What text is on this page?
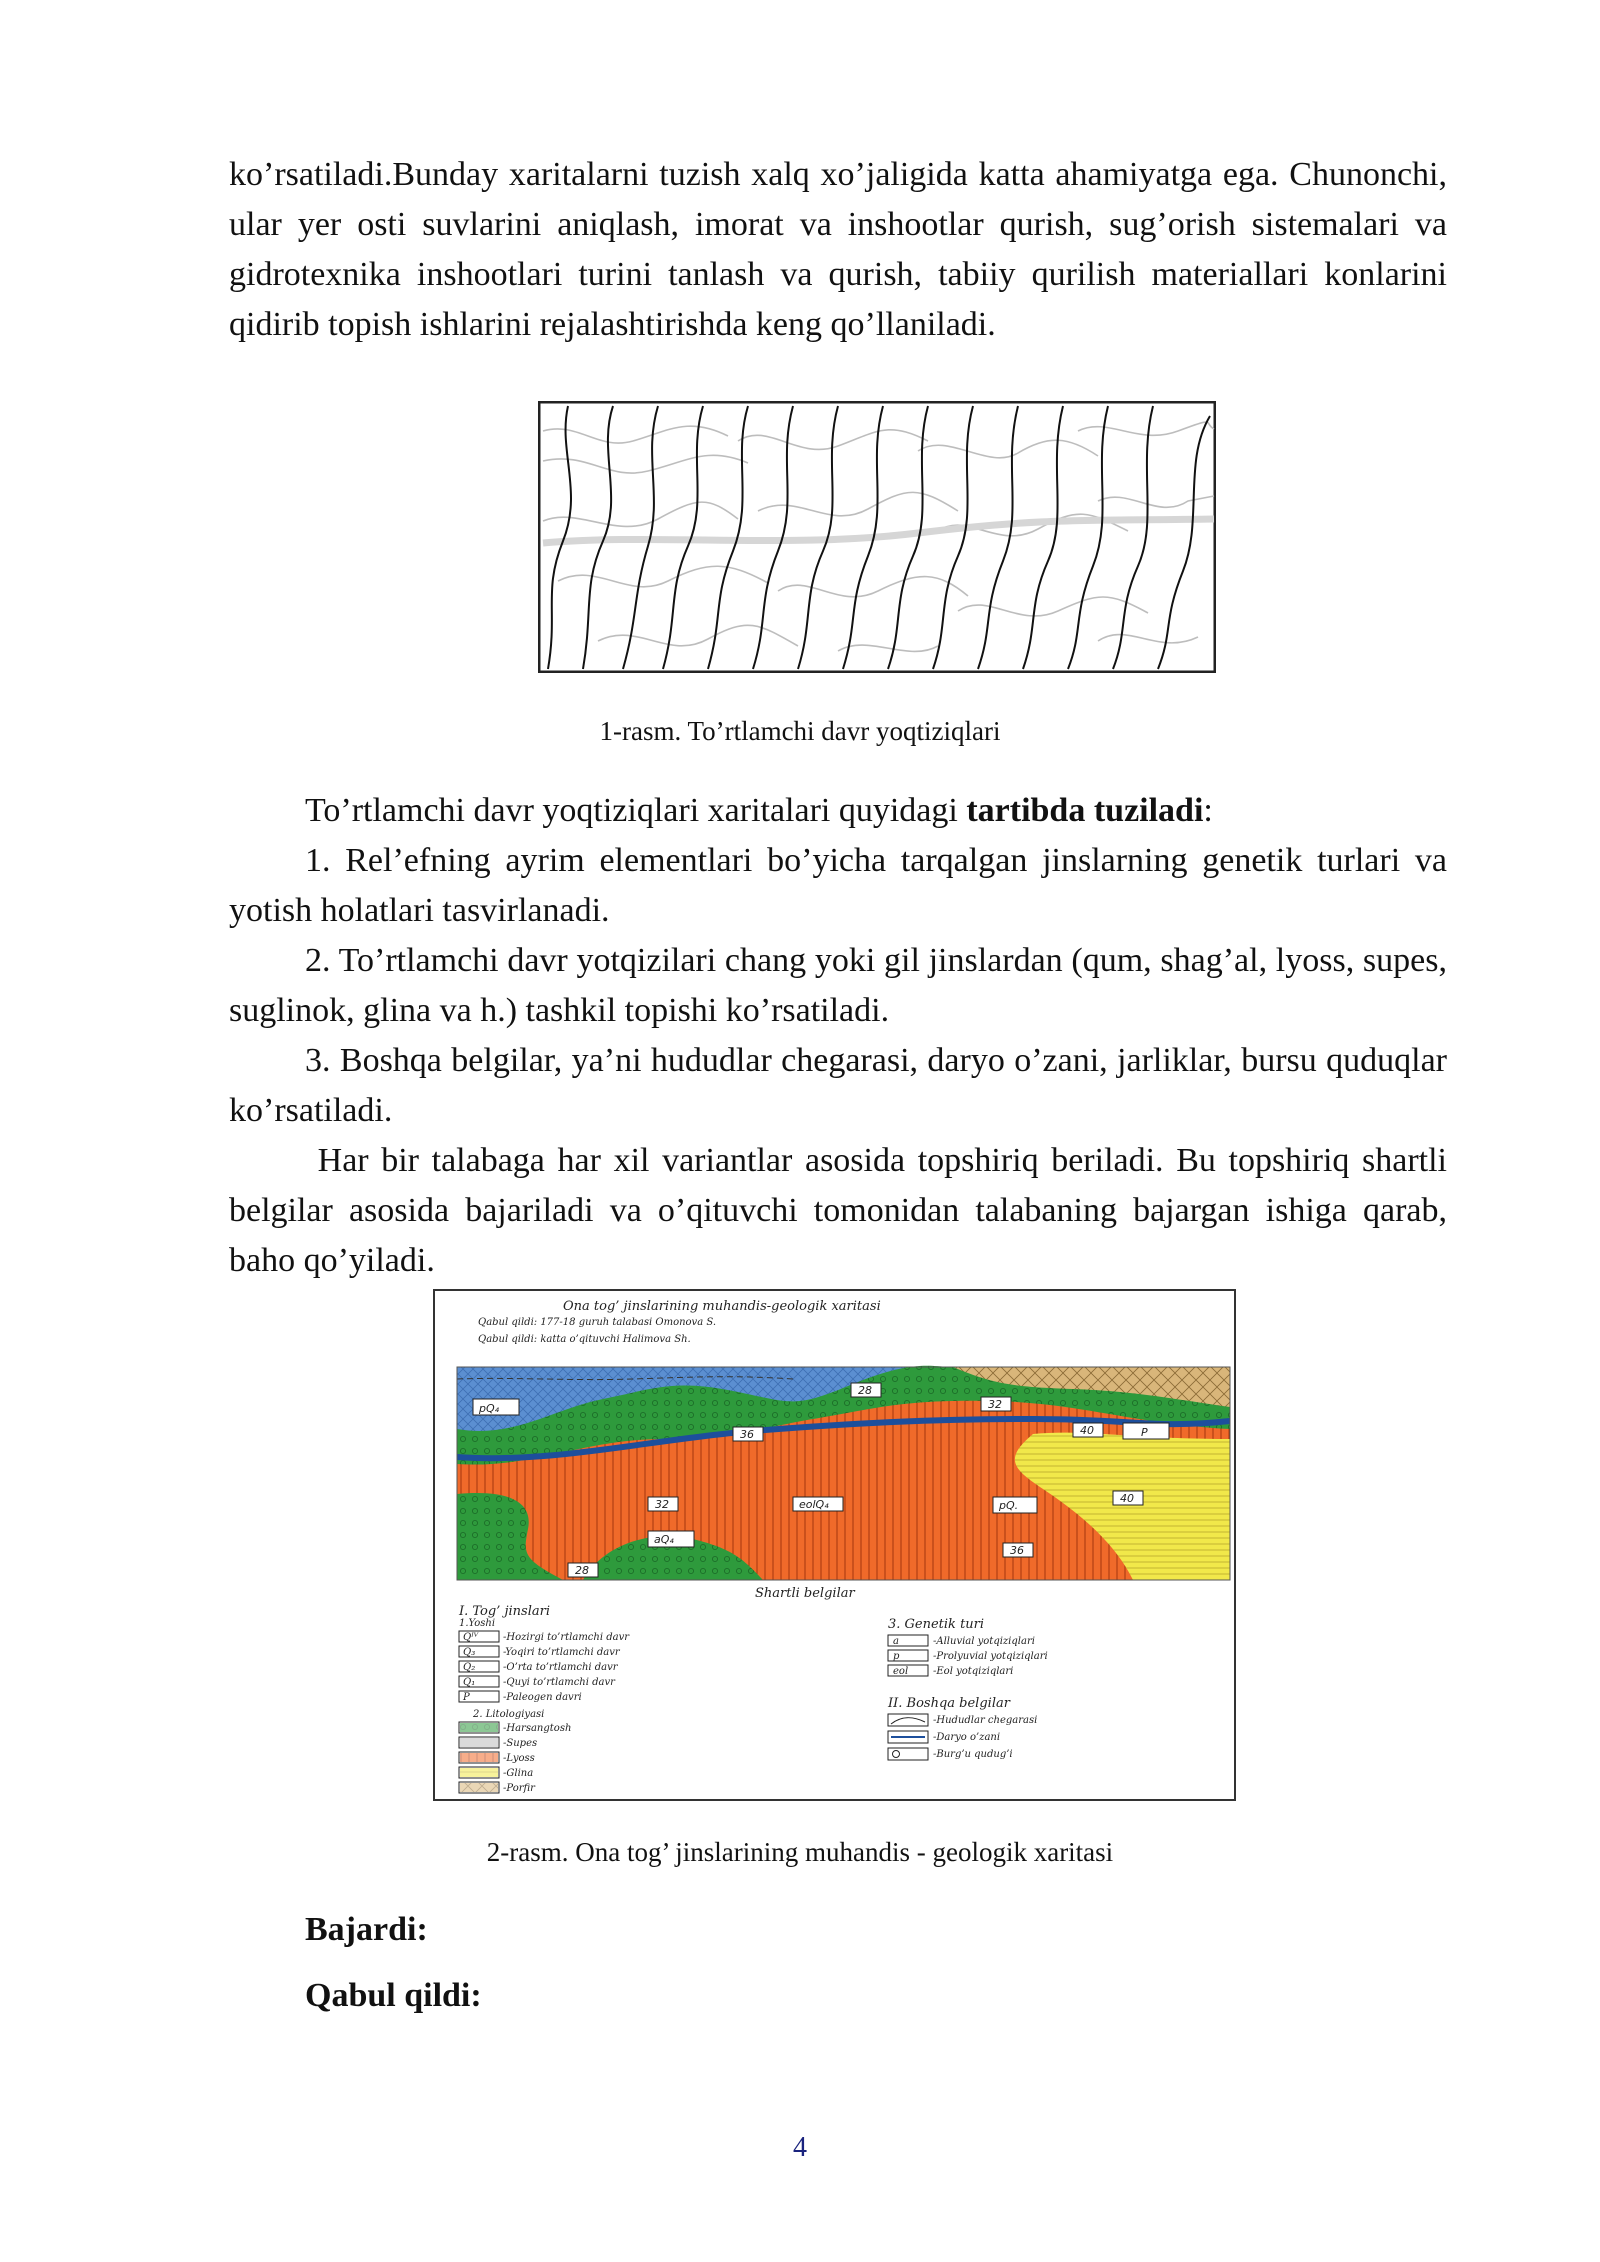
ko’rsatiladi.Bunday xaritalarni tuzish xalq xo’jaligida katta ahamiyatga ega. Chunonchi, ular yer osti suvlarini aniqlash, imorat va inshootlar qurish, sug’orish sistemalari va gidrotexnika inshootlari turini tanlash va qurish, tabiiy qurilish materiallari konlarini qidirib topish ishlarini rejalashtirishda keng qo’llaniladi.

1-rasm. To’rtlamchi davr yoqtiziqlari

To’rtlamchi davr yoqtiziqlari xaritalari quyidagi tartibda tuziladi:

1. Rel’efning ayrim elementlari bo’yicha tarqalgan jinslarning genetik turlari va yotish holatlari tasvirlanadi.

2. To’rtlamchi davr yotqizilari chang yoki gil jinslardan (qum, shag’al, lyoss, supes, suglinok, glina va h.) tashkil topishi ko’rsatiladi.

3. Boshqa belgilar, ya’ni hududlar chegarasi, daryo o’zani, jarliklar, bursu quduqlar ko’rsatiladi.

Har bir talabaga har xil variantlar asosida topshiriq beriladi. Bu topshiriq shartli belgilar asosida bajariladi va o’qituvchi tomonidan talabaning bajargan ishiga qarab, baho qo’yiladi.

Ona tog’ jinslarining muhandis-geologik xaritasi
Qabul qildi: 177-18 guruh talabasi Omonova S.
Qabul qildi: katta o’qituvchi Halimova Sh.
pQ₄
28
32
36	40	P
32	eolQ₄	pQ.
40
aQ₄
36
28
Shartli belgilar
I. Tog’ jinslari
1.Yoshi
Qᴵⱽ -Hozirgi to’rtlamchi davr
Q₃	-Yoqiri to’rtlamchi davr
Q₂	-O’rta to’rtlamchi davr
Q₁	-Quyi to’rtlamchi davr
P	-Paleogen davri
2. Litologiyasi
-Harsangtosh
-Supes
-Lyoss
-Glina
-Porfir
3. Genetik turi
a	-Alluvial yotqiziqlari
p	-Prolyuvial yotqiziqlari
eol -Eol yotqiziqlari
II. Boshqa belgilar
-Hududlar chegarasi
-Daryo o’zani
-Burg’u qudug’i
2-rasm. Ona tog’ jinslarining muhandis - geologik xaritasi
Bajardi:
Qabul qildi:
4
